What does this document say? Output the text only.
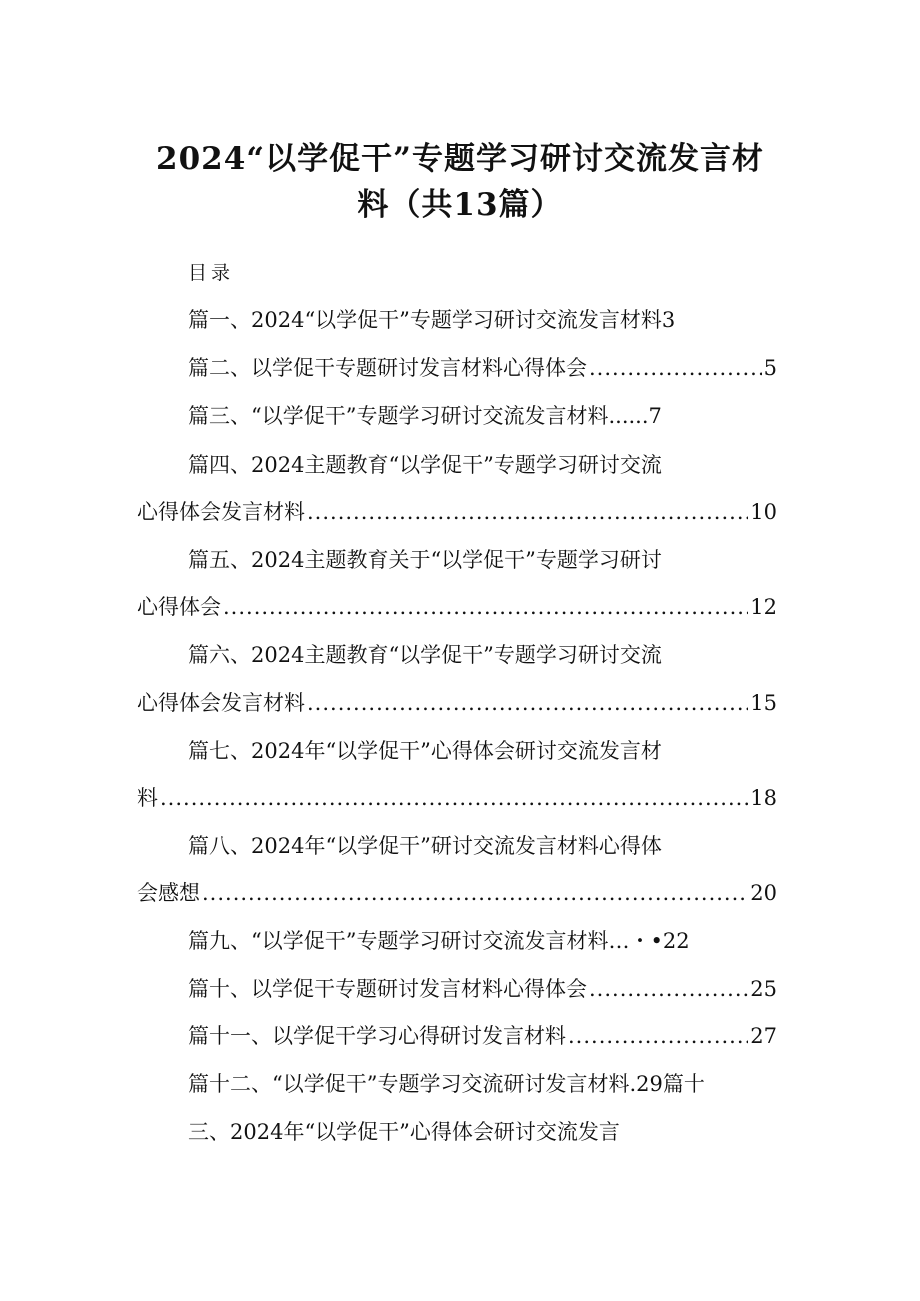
2024“以学促干”专题学习研讨交流发言材
料（共13篇）
目录
篇一、2024“以学促干”专题学习研讨交流发言材料3
篇二、以学促干专题研讨发言材料心得体会 .....	5
篇三、“以学促干”专题学习研讨交流发言材料......7
篇四、2024主题教育“以学促干”专题学习研讨交流
心得体会发言材料 .....	10
篇五、2024主题教育关于“以学促干”专题学习研讨
心得体会 .....	12
篇六、2024主题教育“以学促干”专题学习研讨交流
心得体会发言材料 .....	15
篇七、2024年“以学促干”心得体会研讨交流发言材
料 .....	18
篇八、2024年“以学促干”研讨交流发言材料心得体
会感想 .....	20
篇九、“以学促干”专题学习研讨交流发言材料…・•22
篇十、以学促干专题研讨发言材料心得体会 .....	25
篇十一、以学促干学习心得研讨发言材料 .....	27
篇十二、“以学促干”专题学习交流研讨发言材料.29篇十
三、2024年“以学促干”心得体会研讨交流发言
